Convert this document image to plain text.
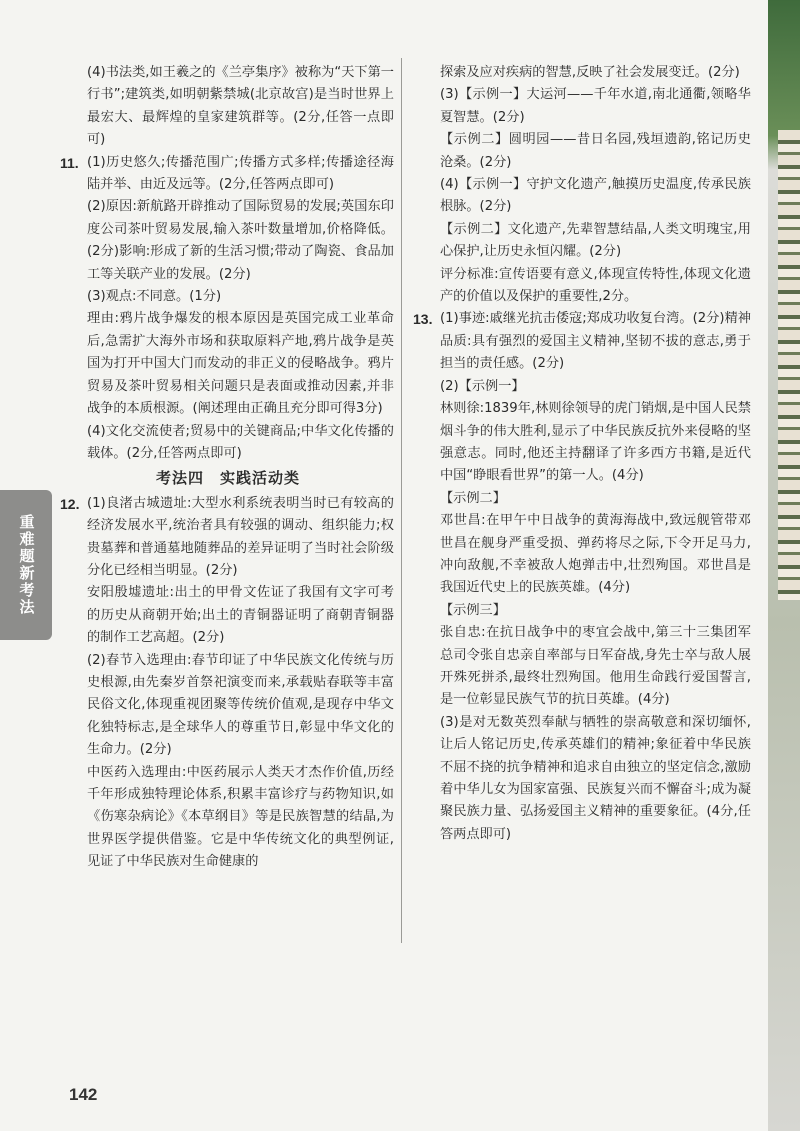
重难题新考法

(4)书法类,如王羲之的《兰亭集序》被称为“天下第一行书”;建筑类,如明朝紫禁城(北京故宫)是当时世界上最宏大、最辉煌的皇家建筑群等。(2分,任答一点即可)

11. (1)历史悠久;传播范围广;传播方式多样;传播途径海陆并举、由近及远等。(2分,任答两点即可)

(2)原因:新航路开辟推动了国际贸易的发展;英国东印度公司茶叶贸易发展,输入茶叶数量增加,价格降低。(2分)影响:形成了新的生活习惯;带动了陶瓷、食品加工等关联产业的发展。(2分)

(3)观点:不同意。(1分)

理由:鸦片战争爆发的根本原因是英国完成工业革命后,急需扩大海外市场和获取原料产地,鸦片战争是英国为打开中国大门而发动的非正义的侵略战争。鸦片贸易及茶叶贸易相关问题只是表面或推动因素,并非战争的本质根源。(阐述理由正确且充分即可得3分)

(4)文化交流使者;贸易中的关键商品;中华文化传播的载体。(2分,任答两点即可)

考法四　实践活动类
12. (1)良渚古城遗址:大型水利系统表明当时已有较高的经济发展水平,统治者具有较强的调动、组织能力;权贵墓葬和普通墓地随葬品的差异证明了当时社会阶级分化已经相当明显。(2分)

安阳殷墟遗址:出土的甲骨文佐证了我国有文字可考的历史从商朝开始;出土的青铜器证明了商朝青铜器的制作工艺高超。(2分)

(2)春节入选理由:春节印证了中华民族文化传统与历史根源,由先秦岁首祭祀演变而来,承载贴春联等丰富民俗文化,体现重视团聚等传统价值观,是现存中华文化独特标志,是全球华人的尊重节日,彰显中华文化的生命力。(2分)

中医药入选理由:中医药展示人类天才杰作价值,历经千年形成独特理论体系,积累丰富诊疗与药物知识,如《伤寒杂病论》《本草纲目》等是民族智慧的结晶,为世界医学提供借鉴。它是中华传统文化的典型例证,见证了中华民族对生命健康的

探索及应对疾病的智慧,反映了社会发展变迁。(2分)

(3)【示例一】大运河——千年水道,南北通衢,领略华夏智慧。(2分)

【示例二】圆明园——昔日名园,残垣遗韵,铭记历史沧桑。(2分)

(4)【示例一】守护文化遗产,触摸历史温度,传承民族根脉。(2分)

【示例二】文化遗产,先辈智慧结晶,人类文明瑰宝,用心保护,让历史永恒闪耀。(2分)

评分标准:宣传语要有意义,体现宣传特性,体现文化遗产的价值以及保护的重要性,2分。

13. (1)事迹:戚继光抗击倭寇;郑成功收复台湾。(2分)精神品质:具有强烈的爱国主义精神,坚韧不拔的意志,勇于担当的责任感。(2分)

(2)【示例一】

林则徐:1839年,林则徐领导的虎门销烟,是中国人民禁烟斗争的伟大胜利,显示了中华民族反抗外来侵略的坚强意志。同时,他还主持翻译了许多西方书籍,是近代中国“睁眼看世界”的第一人。(4分)

【示例二】

邓世昌:在甲午中日战争的黄海海战中,致远舰管带邓世昌在舰身严重受损、弹药将尽之际,下令开足马力,冲向敌舰,不幸被敌人炮弹击中,壮烈殉国。邓世昌是我国近代史上的民族英雄。(4分)

【示例三】

张自忠:在抗日战争中的枣宜会战中,第三十三集团军总司令张自忠亲自率部与日军奋战,身先士卒与敌人展开殊死拼杀,最终壮烈殉国。他用生命践行爱国誓言,是一位彰显民族气节的抗日英雄。(4分)

(3)是对无数英烈奉献与牺牲的崇高敬意和深切缅怀,让后人铭记历史,传承英雄们的精神;象征着中华民族不屈不挠的抗争精神和追求自由独立的坚定信念,激励着中华儿女为国家富强、民族复兴而不懈奋斗;成为凝聚民族力量、弘扬爱国主义精神的重要象征。(4分,任答两点即可)

142
